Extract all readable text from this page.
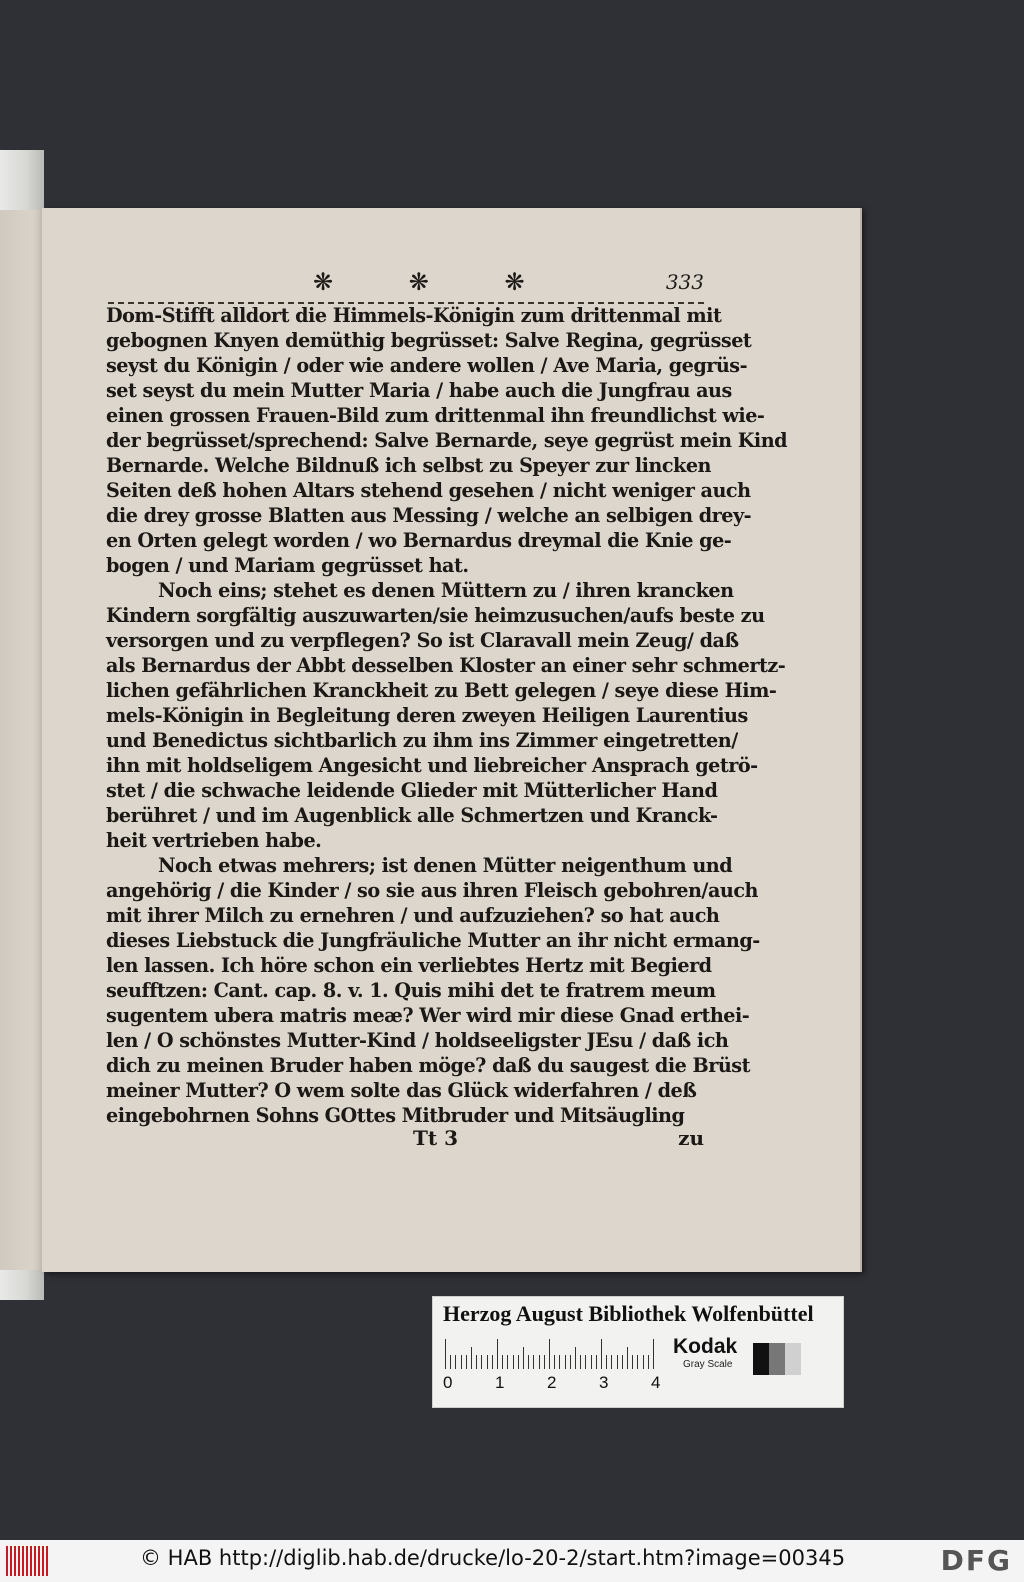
❋ ❋ ❋	333
Dom-Stifft alldort die Himmels-Königin zum drittenmal mit
gebognen Knyen demüthig begrüsset: Salve Regina, gegrüsset
seyst du Königin / oder wie andere wollen / Ave Maria, gegrüs-
set seyst du mein Mutter Maria / habe auch die Jungfrau aus
einen grossen Frauen-Bild zum drittenmal ihn freundlichst wie-
der begrüsset/sprechend: Salve Bernarde, seye gegrüst mein Kind
Bernarde. Welche Bildnuß ich selbst zu Speyer zur lincken
Seiten deß hohen Altars stehend gesehen / nicht weniger auch
die drey grosse Blatten aus Messing / welche an selbigen drey-
en Orten gelegt worden / wo Bernardus dreymal die Knie ge-
bogen / und Mariam gegrüsset hat.
Noch eins; stehet es denen Müttern zu / ihren krancken
Kindern sorgfältig auszuwarten/sie heimzusuchen/aufs beste zu
versorgen und zu verpflegen? So ist Claravall mein Zeug/ daß
als Bernardus der Abbt desselben Kloster an einer sehr schmertz-
lichen gefährlichen Kranckheit zu Bett gelegen / seye diese Him-
mels-Königin in Begleitung deren zweyen Heiligen Laurentius
und Benedictus sichtbarlich zu ihm ins Zimmer eingetretten/
ihn mit holdseligem Angesicht und liebreicher Ansprach getrö-
stet / die schwache leidende Glieder mit Mütterlicher Hand
berühret / und im Augenblick alle Schmertzen und Kranck-
heit vertrieben habe.
Noch etwas mehrers; ist denen Mütter neigenthum und
angehörig / die Kinder / so sie aus ihren Fleisch gebohren/auch
mit ihrer Milch zu ernehren / und aufzuziehen? so hat auch
dieses Liebstuck die Jungfräuliche Mutter an ihr nicht ermang-
len lassen. Ich höre schon ein verliebtes Hertz mit Begierd
seufftzen: Cant. cap. 8. v. 1. Quis mihi det te fratrem meum
sugentem ubera matris meæ? Wer wird mir diese Gnad erthei-
len / O schönstes Mutter-Kind / holdseeligster JEsu / daß ich
dich zu meinen Bruder haben möge? daß du saugest die Brüst
meiner Mutter? O wem solte das Glück widerfahren / deß
eingebohrnen Sohns GOttes Mitbruder und Mitsäugling
Tt 3	zu
Herzog August Bibliothek Wolfenbüttel
0	1	2	3	4
Kodak
Gray Scale
© HAB http://diglib.hab.de/drucke/lo-20-2/start.htm?image=00345	DFG
